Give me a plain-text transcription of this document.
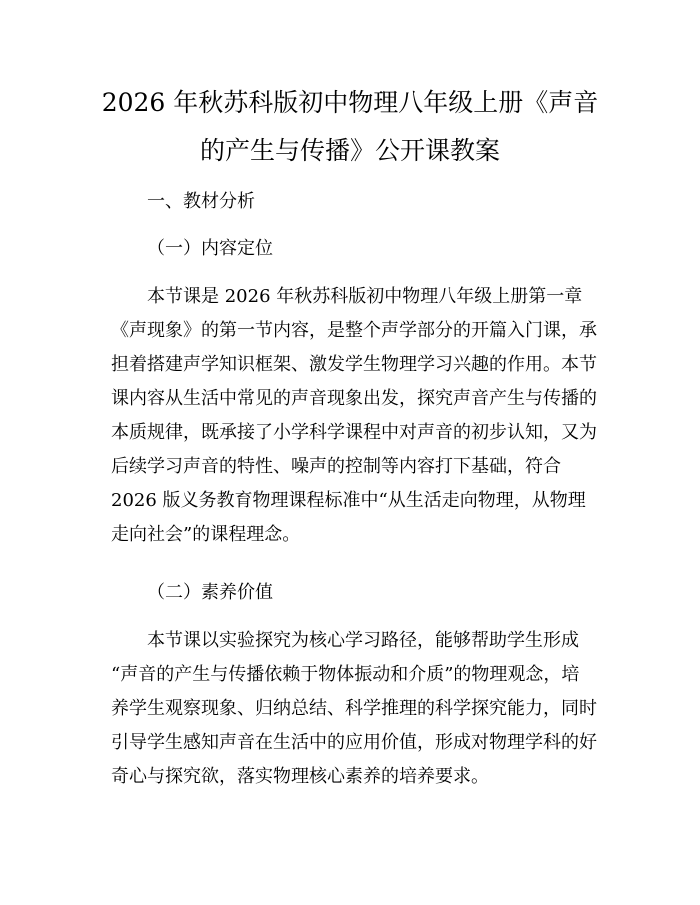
2026 年秋苏科版初中物理八年级上册《声音
的产生与传播》公开课教案
一、教材分析
（一）内容定位
本节课是 2026 年秋苏科版初中物理八年级上册第一章
《声现象》的第一节内容，是整个声学部分的开篇入门课，承
担着搭建声学知识框架、激发学生物理学习兴趣的作用。本节
课内容从生活中常见的声音现象出发，探究声音产生与传播的
本质规律，既承接了小学科学课程中对声音的初步认知，又为
后续学习声音的特性、噪声的控制等内容打下基础，符合
2026 版义务教育物理课程标准中“从生活走向物理，从物理
走向社会”的课程理念。
（二）素养价值
本节课以实验探究为核心学习路径，能够帮助学生形成
“声音的产生与传播依赖于物体振动和介质”的物理观念，培
养学生观察现象、归纳总结、科学推理的科学探究能力，同时
引导学生感知声音在生活中的应用价值，形成对物理学科的好
奇心与探究欲，落实物理核心素养的培养要求。
